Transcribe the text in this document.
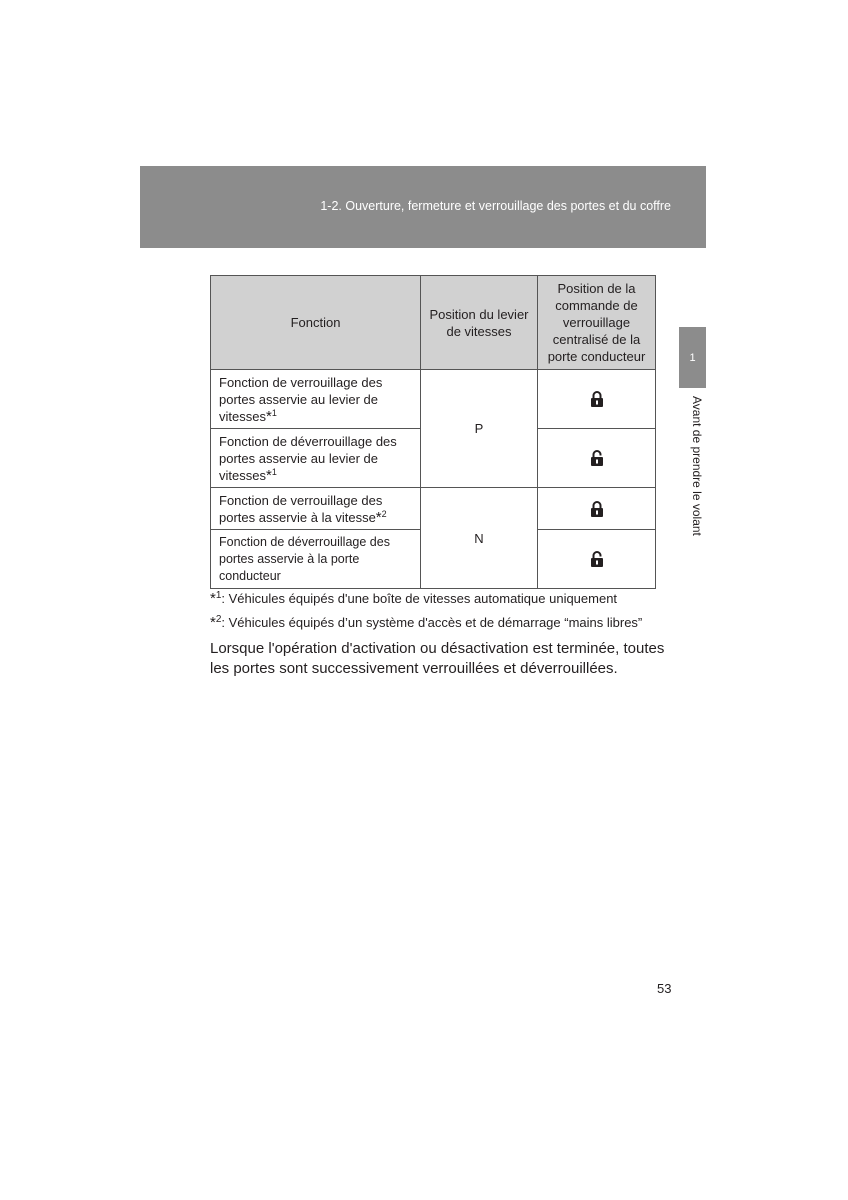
1-2. Ouverture, fermeture et verrouillage des portes et du coffre
1
Avant de prendre le volant
Fonction	Position du levier de vitesses	Position de la commande de verrouillage centralisé de la porte conducteur
Fonction de verrouillage des portes asservie au levier de vitesses*$^1$	P	

Fonction de déverrouillage des portes asservie au levier de vitesses*$^1$	

Fonction de verrouillage des portes asservie à la vitesse*$^2$	N	

Fonction de déverrouillage des portes asservie à la porte conducteur	
*$^1$: Véhicules équipés d'une boîte de vitesses automatique uniquement
*$^2$: Véhicules équipés d’un système d'accès et de démarrage “mains libres”
Lorsque l'opération d'activation ou désactivation est terminée, toutes les portes sont successivement verrouillées et déverrouillées.
53
